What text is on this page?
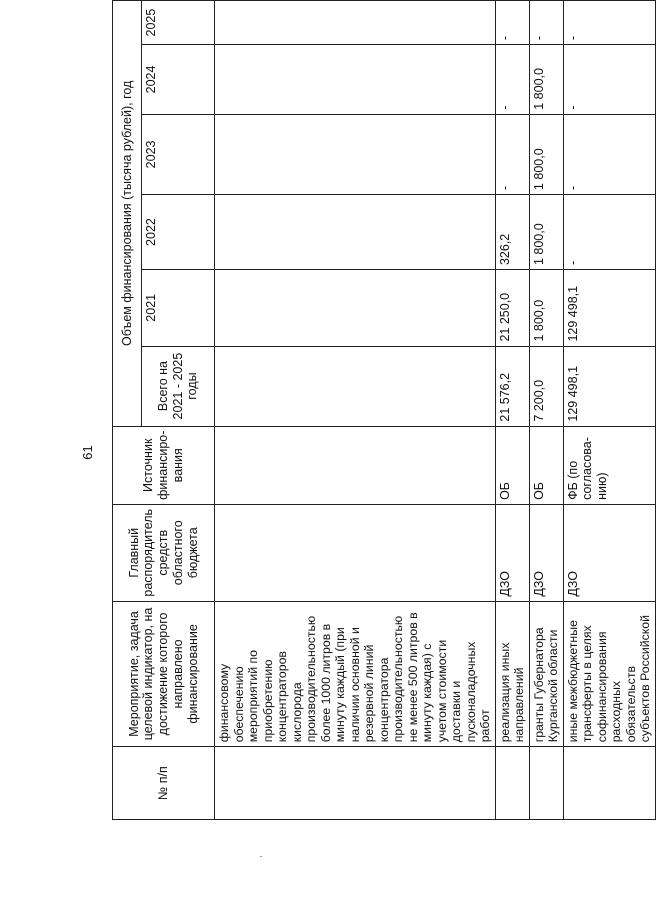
61
№ п/п	Мероприятие, задача целевой индикатор, на достижение которого направлено финансирование	Главный распорядитель средств областного бюджета	Источник финансиро-вания	Объем финансирования (тысяча рублей), год					
				Всего на 2021 - 2025 годы	2021	2022	2023	2024	2025
	финансовому обеспечению мероприятий по приобретению концентраторов кислорода производительностью более 1000 литров в минуту каждый (при наличии основной и резервной линий концентратора производительностью не менее 500 литров в минуту каждая) с учетом стоимости доставки и пусконаладочных работ								
	реализация иных направлений	ДЗО	ОБ	21 576,2	21 250,0	326,2	-	-	-
	гранты Губернатора Курганской области	ДЗО	ОБ	7 200,0	1 800,0	1 800,0	1 800,0	1 800,0	-
	иные межбюджетные трансферты в целях софинансирования расходных обязательств субъектов Российской	ДЗО	ФБ (по согласова-нию)	129 498,1	129 498,1	-	-	-	-
